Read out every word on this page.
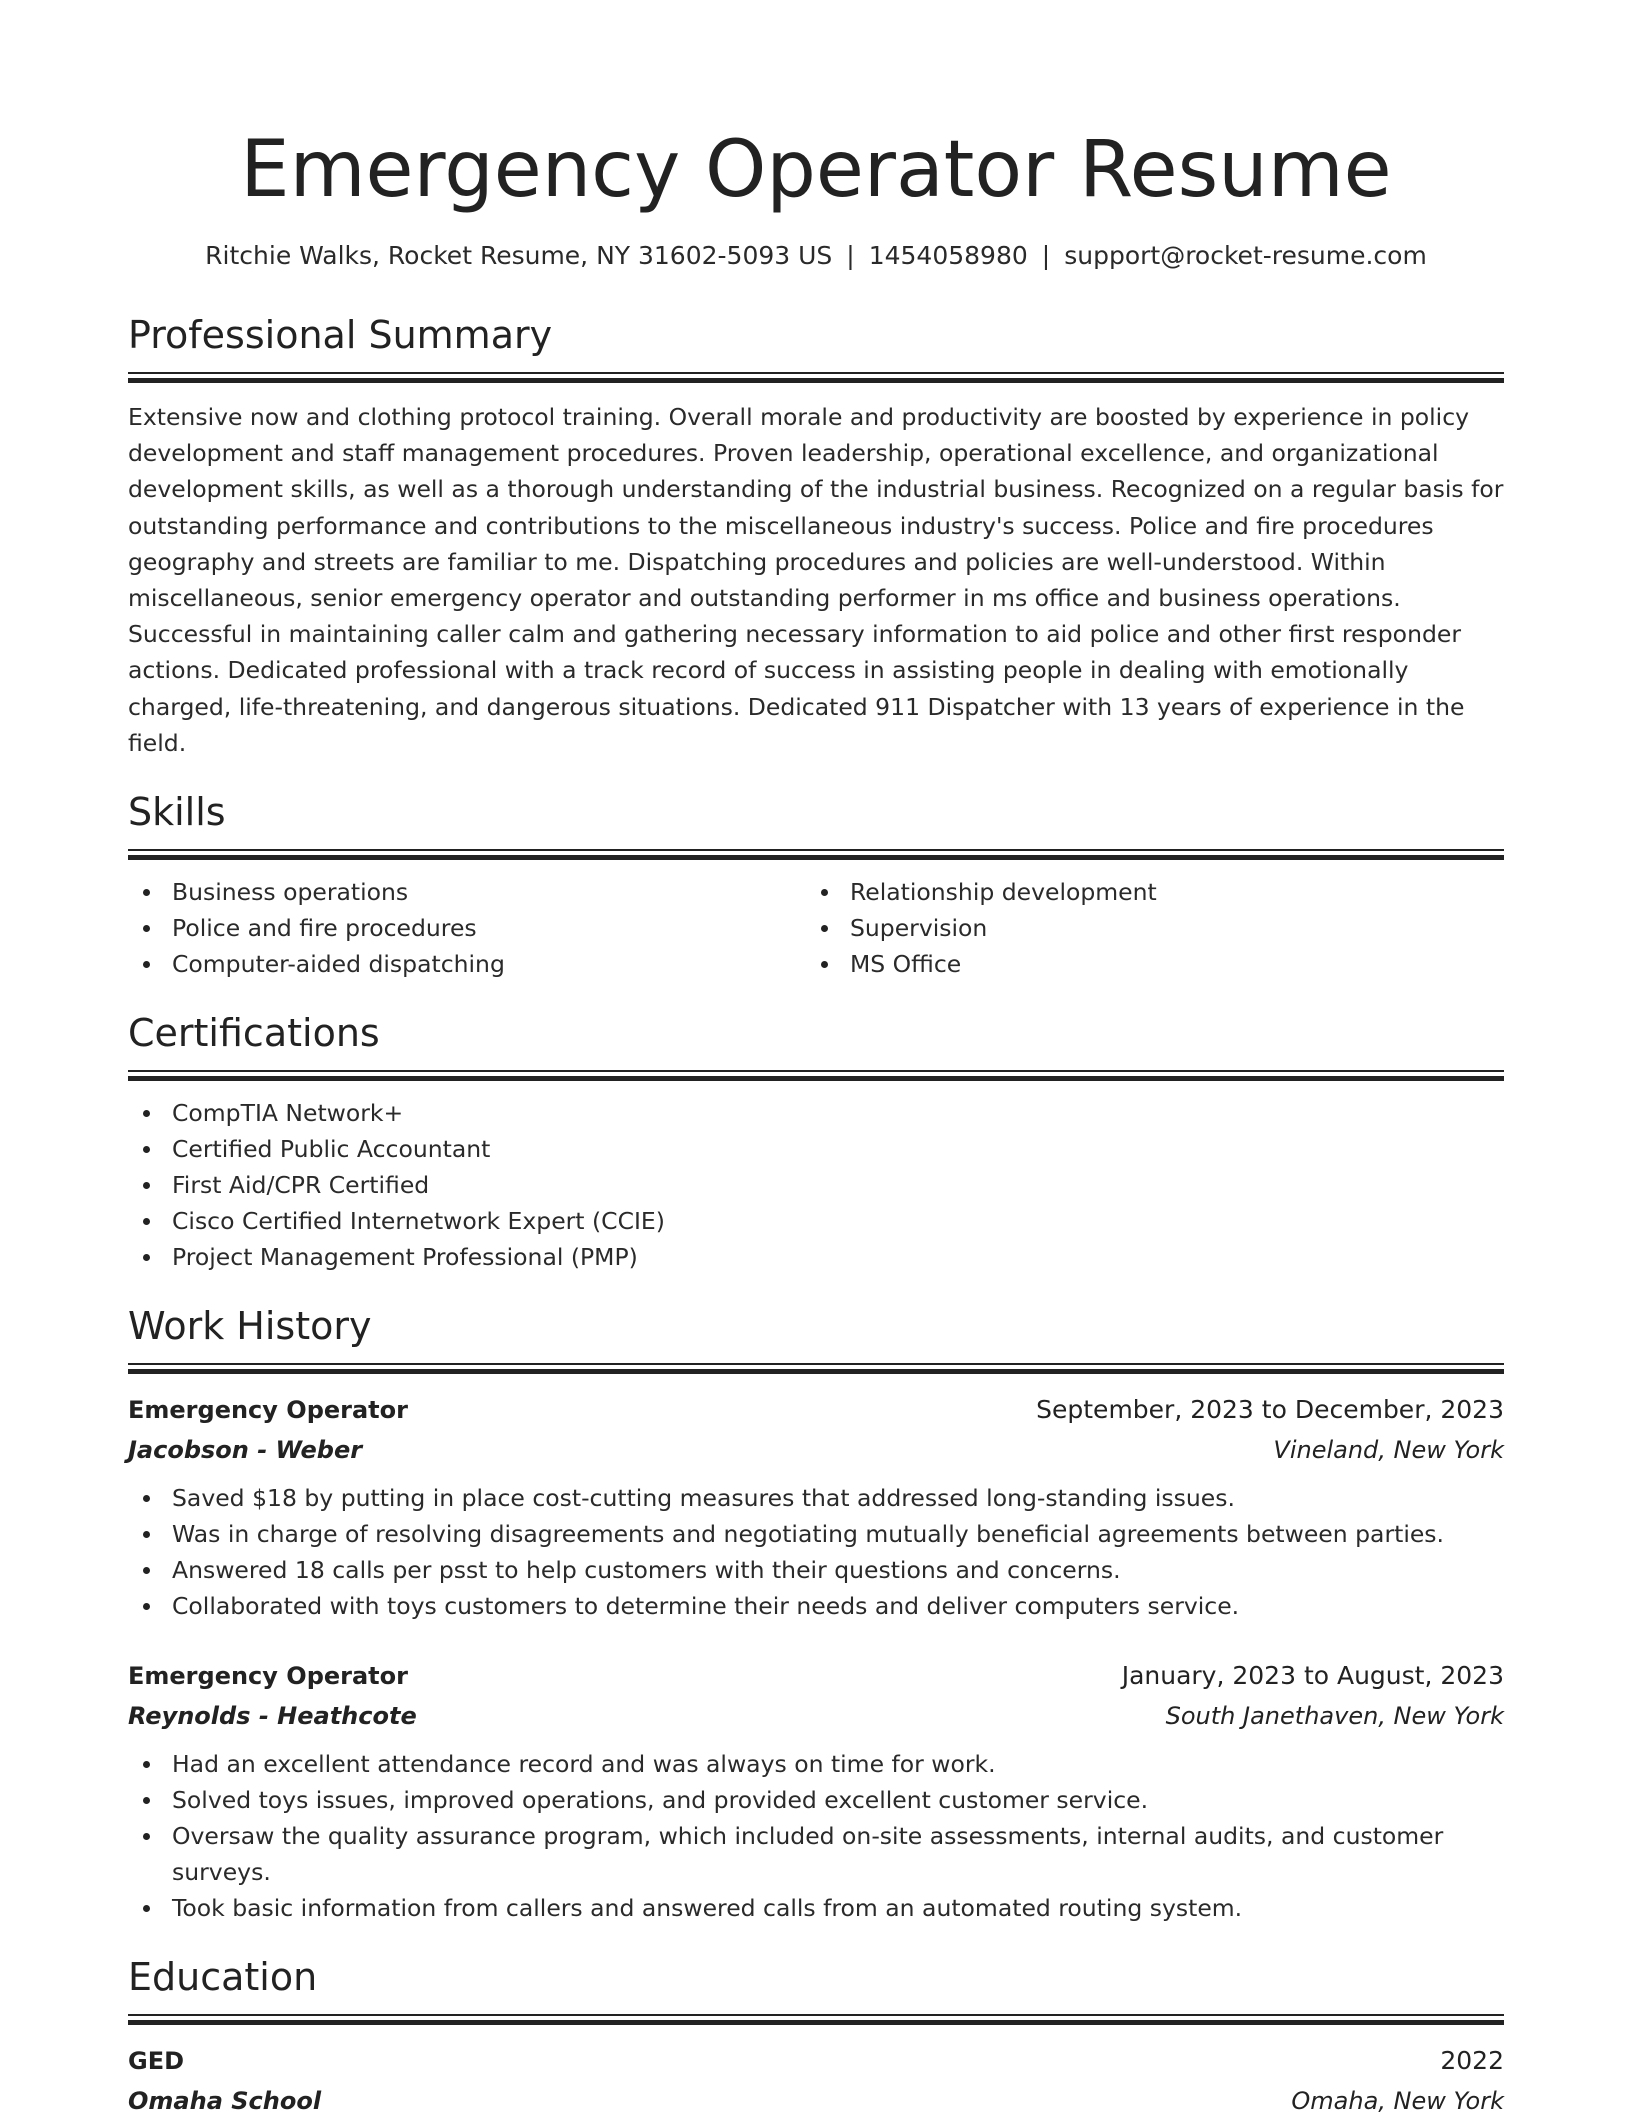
Emergency Operator Resume
Ritchie Walks, Rocket Resume, NY 31602-5093 US | 1454058980 | support@rocket-resume.com
Professional Summary
Extensive now and clothing protocol training. Overall morale and productivity are boosted by experience in policy development and staff management procedures. Proven leadership, operational excellence, and organizational development skills, as well as a thorough understanding of the industrial business. Recognized on a regular basis for outstanding performance and contributions to the miscellaneous industry's success. Police and fire procedures geography and streets are familiar to me. Dispatching procedures and policies are well-understood. Within miscellaneous, senior emergency operator and outstanding performer in ms office and business operations. Successful in maintaining caller calm and gathering necessary information to aid police and other first responder actions. Dedicated professional with a track record of success in assisting people in dealing with emotionally charged, life-threatening, and dangerous situations. Dedicated 911 Dispatcher with 13 years of experience in the field.
Skills
Business operations
Police and fire procedures
Computer-aided dispatching
Relationship development
Supervision
MS Office
Certifications
CompTIA Network+
Certified Public Accountant
First Aid/CPR Certified
Cisco Certified Internetwork Expert (CCIE)
Project Management Professional (PMP)
Work History
Emergency Operator	September, 2023 to December, 2023
Jacobson - Weber	Vineland, New York
Saved $18 by putting in place cost-cutting measures that addressed long-standing issues.
Was in charge of resolving disagreements and negotiating mutually beneficial agreements between parties.
Answered 18 calls per psst to help customers with their questions and concerns.
Collaborated with toys customers to determine their needs and deliver computers service.
Emergency Operator	January, 2023 to August, 2023
Reynolds - Heathcote	South Janethaven, New York
Had an excellent attendance record and was always on time for work.
Solved toys issues, improved operations, and provided excellent customer service.
Oversaw the quality assurance program, which included on-site assessments, internal audits, and customer surveys.
Took basic information from callers and answered calls from an automated routing system.
Education
GED	2022
Omaha School	Omaha, New York
